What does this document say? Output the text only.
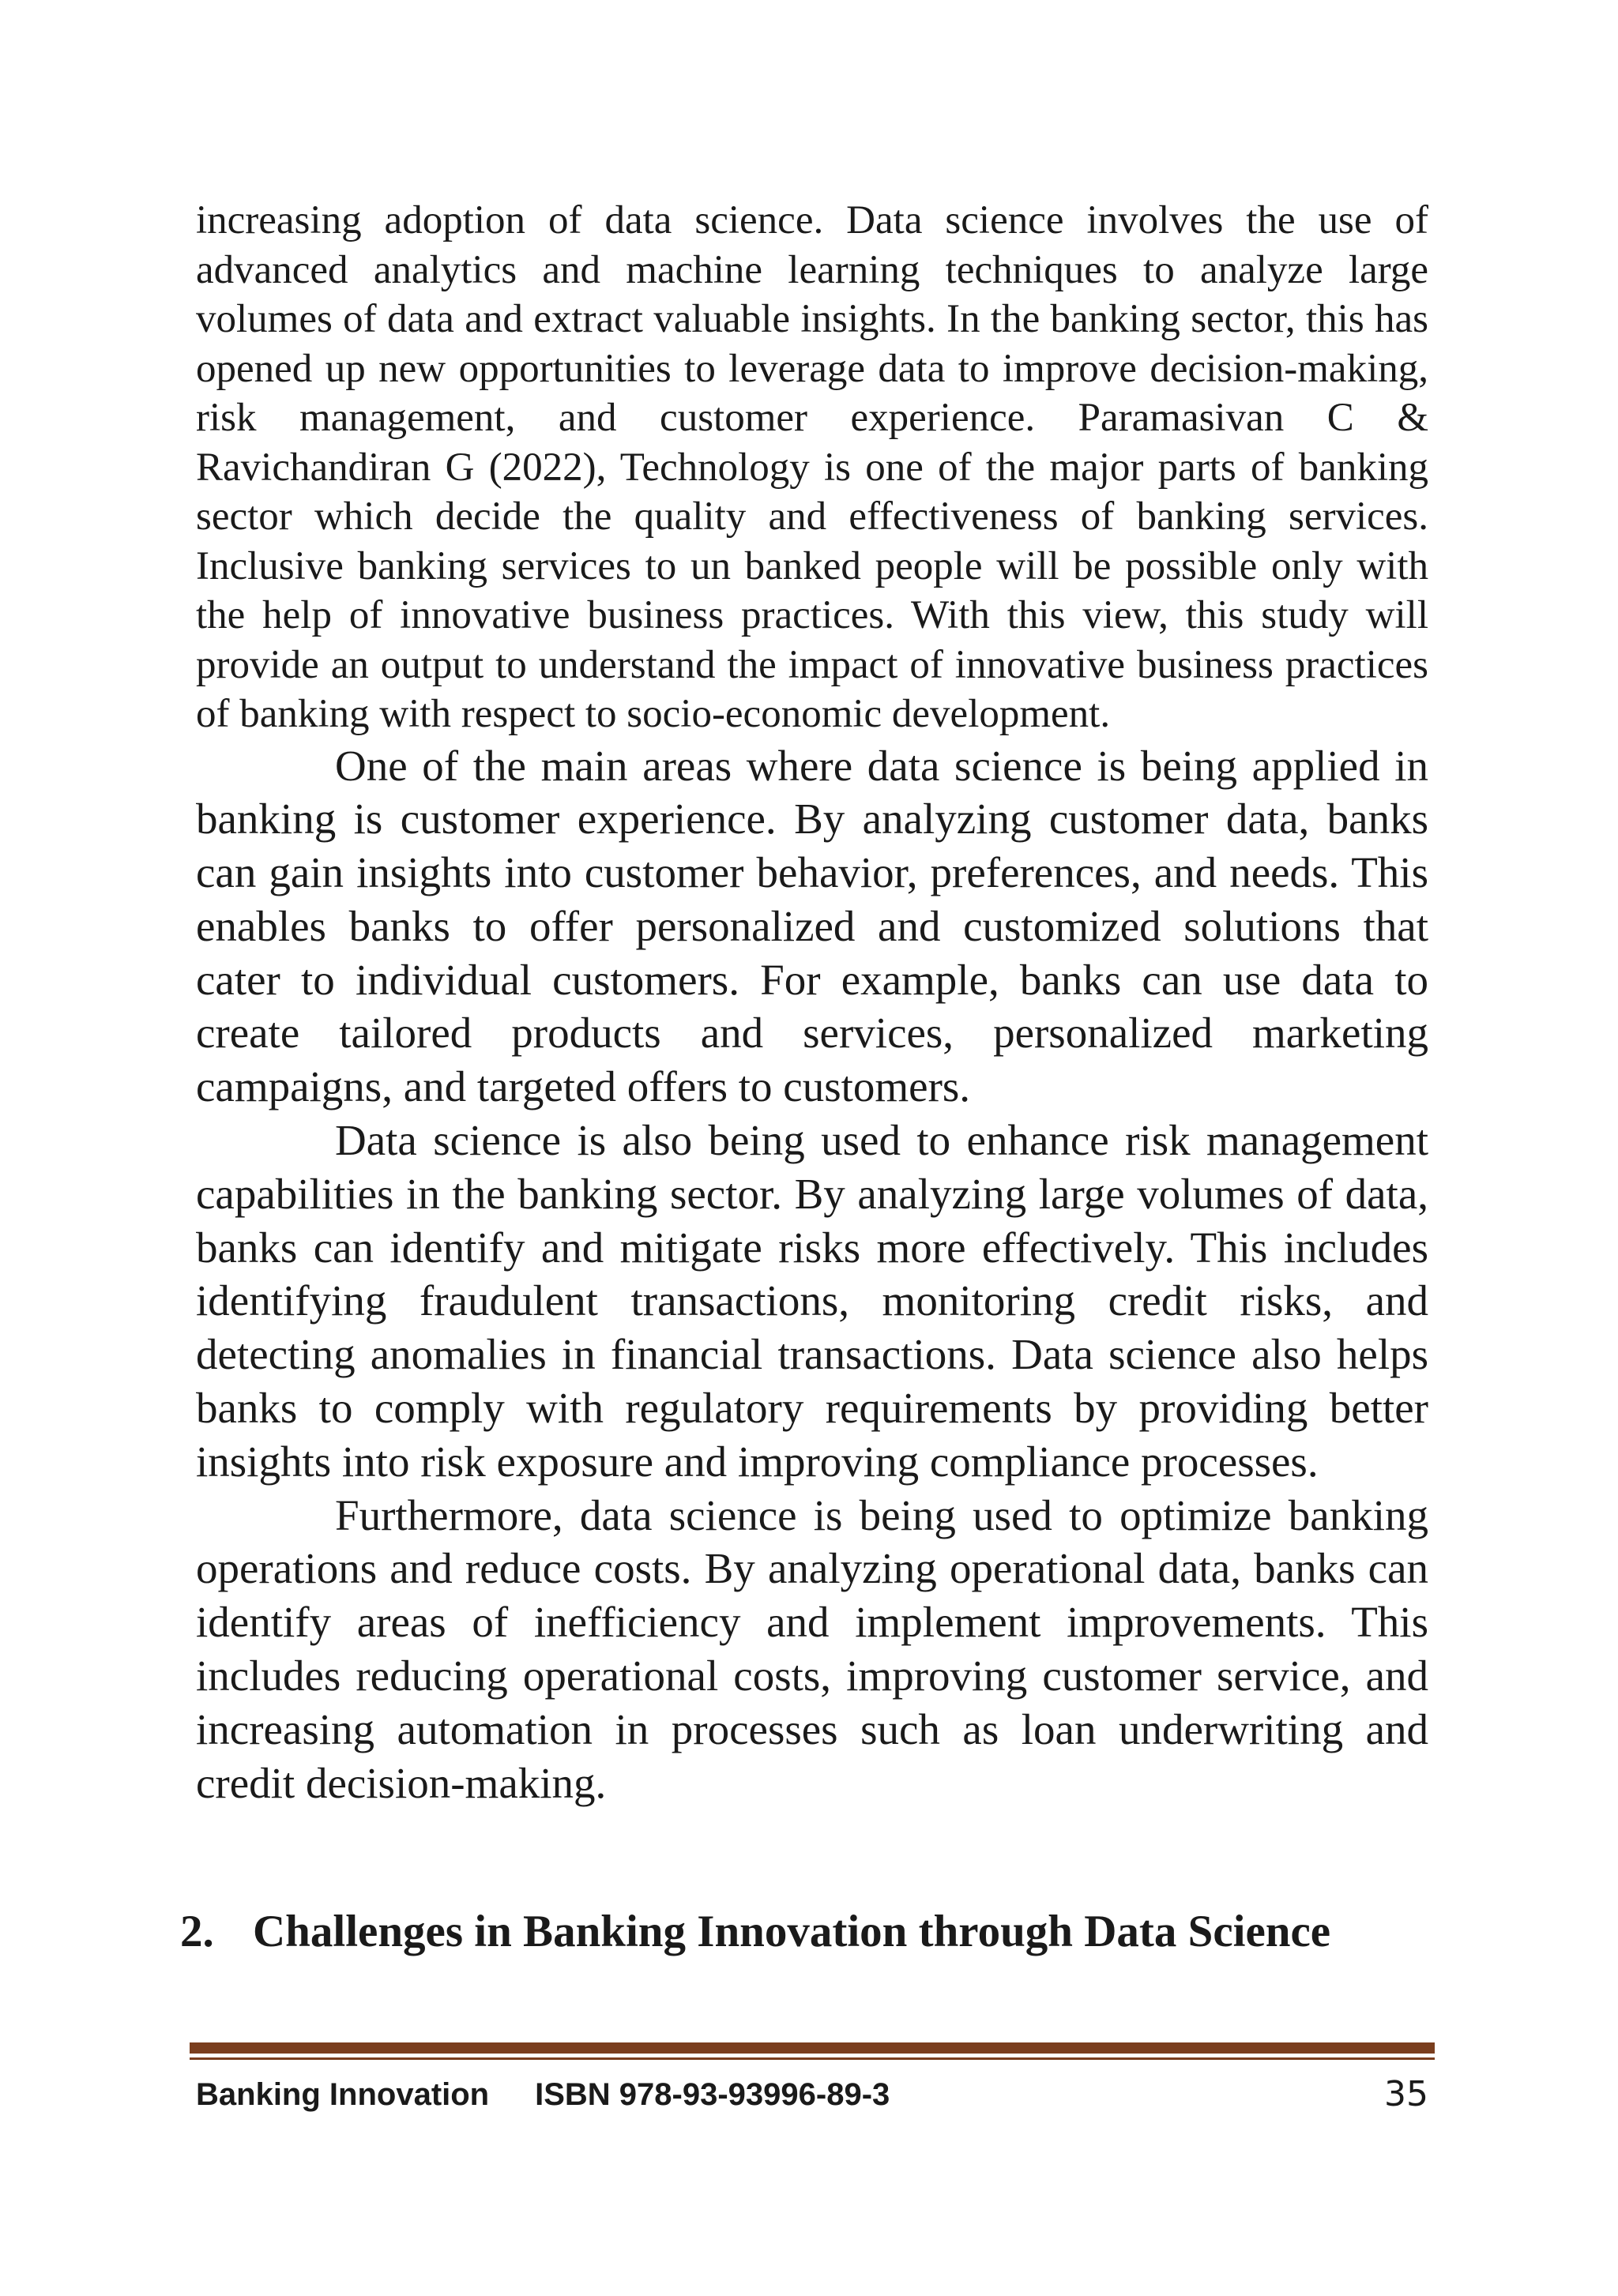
increasing adoption of data science. Data science involves the use of advanced analytics and machine learning techniques to analyze large volumes of data and extract valuable insights. In the banking sector, this has opened up new opportunities to leverage data to improve decision-making, risk management, and customer experience. Paramasivan C & Ravichandiran G (2022), Technology is one of the major parts of banking sector which decide the quality and effectiveness of banking services. Inclusive banking services to un banked people will be possible only with the help of innovative business practices. With this view, this study will provide an output to understand the impact of innovative business practices of banking with respect to socio-economic development.

One of the main areas where data science is being applied in banking is customer experience. By analyzing customer data, banks can gain insights into customer behavior, preferences, and needs. This enables banks to offer personalized and customized solutions that cater to individual customers. For example, banks can use data to create tailored products and services, personalized marketing campaigns, and targeted offers to customers.

Data science is also being used to enhance risk management capabilities in the banking sector. By analyzing large volumes of data, banks can identify and mitigate risks more effectively. This includes identifying fraudulent transactions, monitoring credit risks, and detecting anomalies in financial transactions. Data science also helps banks to comply with regulatory requirements by providing better insights into risk exposure and improving compliance processes.

Furthermore, data science is being used to optimize banking operations and reduce costs. By analyzing operational data, banks can identify areas of inefficiency and implement improvements. This includes reducing operational costs, improving customer service, and increasing automation in processes such as loan underwriting and credit decision-making.

2. Challenges in Banking Innovation through Data Science
Banking Innovation ISBN 978-93-93996-89-3	35
